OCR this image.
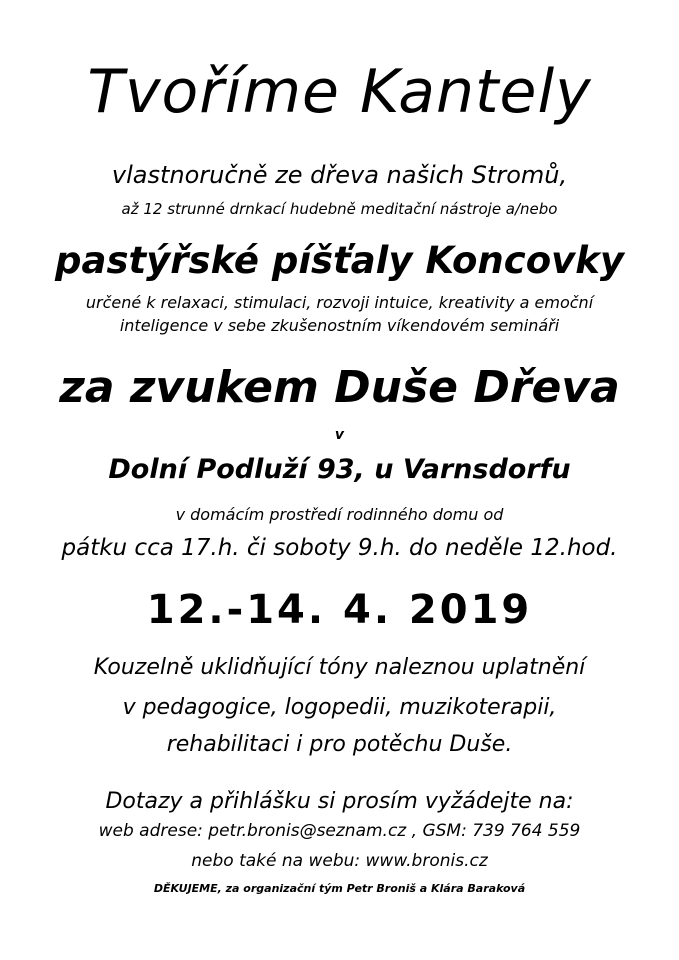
Tvoříme Kantely
vlastnoručně ze dřeva našich Stromů,
až 12 strunné drnkací hudebně meditační nástroje a/nebo
pastýřské píšťaly Koncovky
určené k relaxaci, stimulaci, rozvoji intuice, kreativity a emoční
inteligence v sebe zkušenostním víkendovém semináři
za zvukem Duše Dřeva
v
Dolní Podluží 93, u Varnsdorfu
v domácím prostředí rodinného domu od
pátku cca 17.h. či soboty 9.h. do neděle 12.hod.
12.-14. 4. 2019
Kouzelně uklidňující tóny naleznou uplatnění
v pedagogice, logopedii, muzikoterapii,
rehabilitaci i pro potěchu Duše.
Dotazy a přihlášku si prosím vyžádejte na:
web adrese: petr.bronis@seznam.cz , GSM: 739 764 559
nebo také na webu: www.bronis.cz
DĚKUJEME, za organizační tým Petr Broniš a Klára Baraková
